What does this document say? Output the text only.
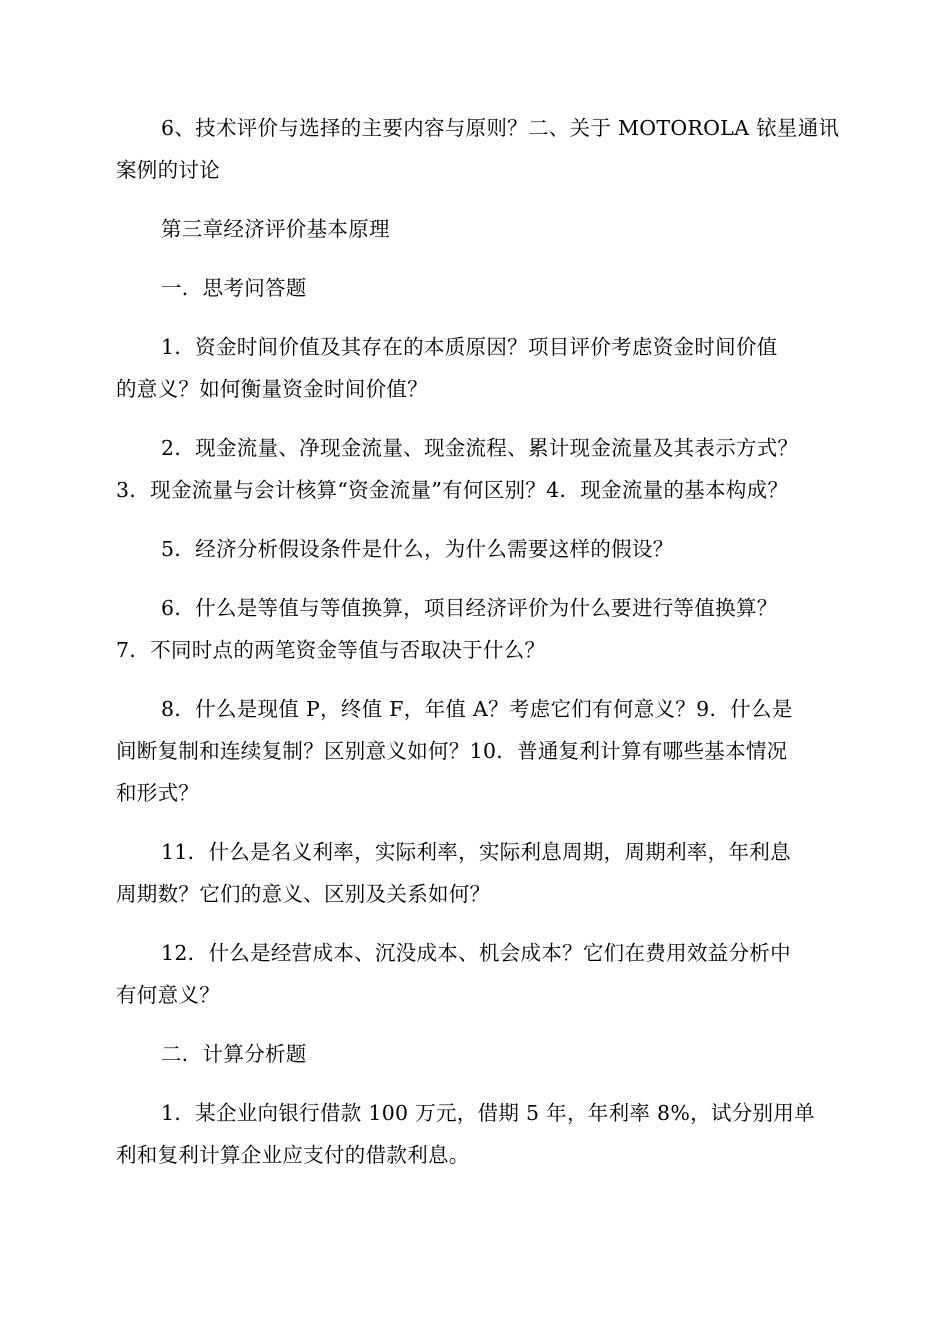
6、技术评价与选择的主要内容与原则？二、关于 MOTOROLA 铱星通讯
案例的讨论

第三章经济评价基本原理

一．思考问答题

1．资金时间价值及其存在的本质原因？项目评价考虑资金时间价值
的意义？如何衡量资金时间价值？

2．现金流量、净现金流量、现金流程、累计现金流量及其表示方式？
3．现金流量与会计核算“资金流量”有何区别？4．现金流量的基本构成？

5．经济分析假设条件是什么，为什么需要这样的假设？

6．什么是等值与等值换算，项目经济评价为什么要进行等值换算？
7．不同时点的两笔资金等值与否取决于什么？

8．什么是现值 P，终值 F，年值 A？考虑它们有何意义？9．什么是
间断复制和连续复制？区别意义如何？10．普通复利计算有哪些基本情况
和形式？

11．什么是名义利率，实际利率，实际利息周期，周期利率，年利息
周期数？它们的意义、区别及关系如何？

12．什么是经营成本、沉没成本、机会成本？它们在费用效益分析中
有何意义？

二．计算分析题

1．某企业向银行借款 100 万元，借期 5 年，年利率 8%，试分别用单
利和复利计算企业应支付的借款利息。
